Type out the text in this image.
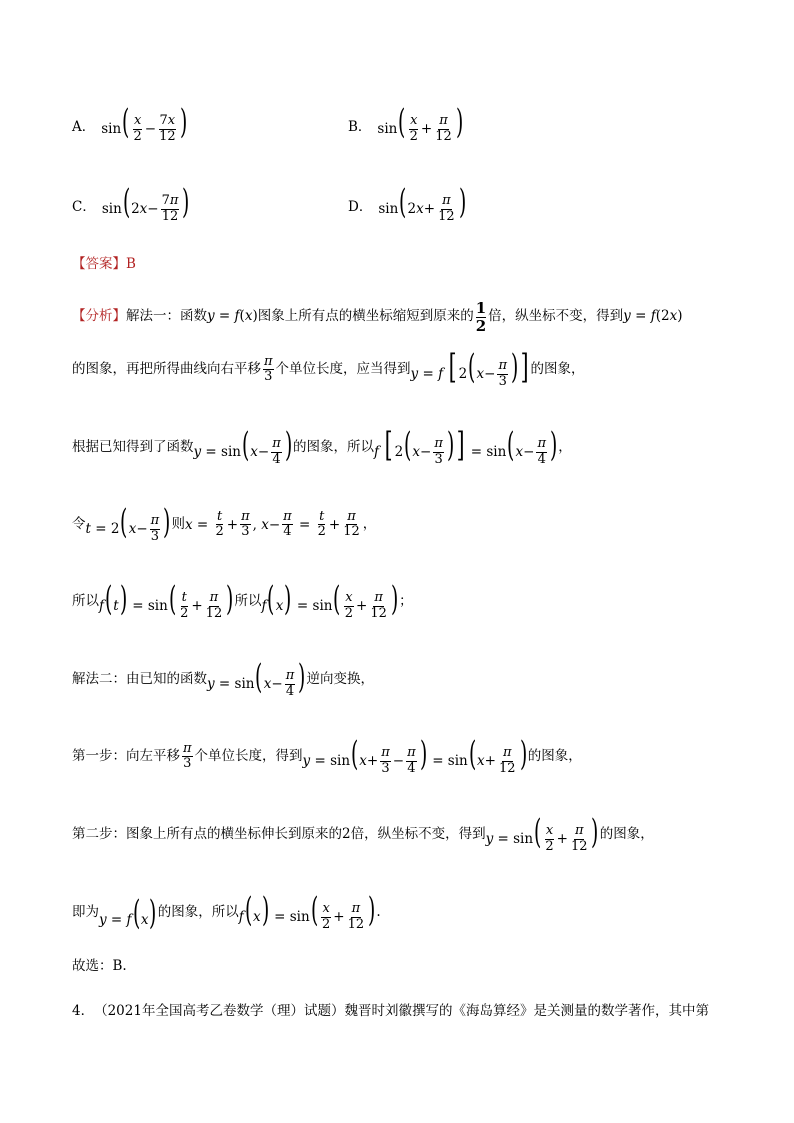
A． $\sin( \frac{x}{2} - \frac{7x}{12}$ )	B． $\sin( \frac{x}{2} + \frac{\pi}{12}$ )
C． $\sin(2x- \frac{7\pi}{12}$ )	D． $\sin(2x+ \frac{\pi}{12}$ )
【答案】 B
【分析】 解法一：函数 y = f(x) 图象上所有点的横坐标缩短到原来的 1
2
倍，纵坐标不变，得到 y = f(2x)
的图象，再把所得曲线向右平移
π
3 个单位长度，应当得到 y = f [ $2(x- \frac{\pi}{3}$ )] 的图象，
根据已知得到了函数 $y = \sin(x- \frac{\pi}{4}$ ) 的图象，所以 f [ $2(x- \frac{\pi}{3}$ )] = $\sin(x- \frac{\pi}{4}$ ) ，
令 $t = 2(x- \frac{\pi}{3}$ ) 则 $x = \frac{t}{2} + \frac{\pi}{3}$ , $x- \frac{\pi}{4} = \frac{t}{2} + \frac{\pi}{12}$ ，
所以 $f(t) = \sin( \frac{t}{2} + \frac{\pi}{12}$ ) 所以 $f(x) = \sin( \frac{x}{2} + \frac{\pi}{12}$ ) ；
解法二：由已知的函数 $y = \sin(x- \frac{\pi}{4}$ ) 逆向变换，
第一步：向左平移
π
3 个单位长度，得到 $y = \sin(x+ \frac{\pi}{3} - \frac{\pi}{4}$ ) = $\sin(x+ \frac{\pi}{12}$ ) 的图象，
第二步：图象上所有点的横坐标伸长到原来的 2 倍，纵坐标不变，得到 $y = \sin( \frac{x}{2} + \frac{\pi}{12}$ ) 的图象，
即为 y = f(x) 的图象，所以 $f(x) = \sin( \frac{x}{2} + \frac{\pi}{12}$ ) .
故选：B.
4． （2021年全国高考乙卷数学（理）试题） 魏晋时刘徽撰写的《海岛算经》是关测量的数学著作，其中第
